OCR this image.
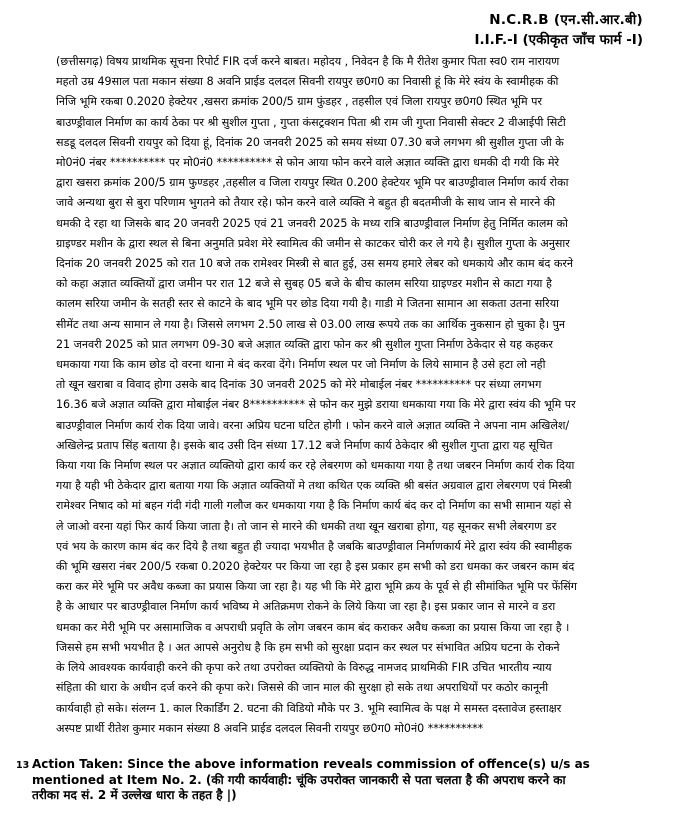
N.C.R.B (एन.सी.आर.बी)
I.I.F.-I (एकीकृत जाँच फार्म -I)
(छत्तीसगढ़) विषय प्राथमिक सूचना रिपोर्ट FIR दर्ज करने बाबत। महोदय , निवेदन है कि मै रीतेश कुमार पिता स्व0 राम नारायण
महतो उम्र 49साल पता मकान संख्या 8 अवनि प्राईड दलदल सिवनी रायपुर छ0ग0 का निवासी हूं कि मेरे स्वंय के स्वामीहक की
निजि भूमि रकबा 0.2020 हेक्टेयर ,खसरा क्रमांक 200/5 ग्राम फुंडहर , तहसील एवं जिला रायपुर छ0ग0 स्थित भूमि पर
बाउण्ड्रीवाल निर्माण का कार्य ठेका पर श्री सुशील गुप्ता , गुप्ता कंसट्रक्शन पिता श्री राम जी गुप्ता निवासी सेक्टर 2 वीआईपी सिटी
सडडू दलदल सिवनी रायपुर को दिया हूं, दिनांक 20 जनवरी 2025 को समय संध्या 07.30 बजे लगभग श्री सुशील गुप्ता जी के
मो0नं0 नंबर ********** पर मो0नं0 ********** से फोन आया फोन करने वाले अज्ञात व्यक्ति द्वारा धमकी दी गयी कि मेरे
द्वारा खसरा क्रमांक 200/5 ग्राम फुण्डहर ,तहसील व जिला रायपुर स्थित 0.200 हेक्टेयर भूमि पर बाउण्ड्रीवाल निर्माण कार्य रोका
जावे अन्यथा बुरा से बुरा परिणाम भुगतने को तैयार रहे। फोन करने वाले व्यक्ति ने बहुत ही बदतमीजी के साथ जान से मारने की
धमकी दे रहा था जिसके बाद 20 जनवरी 2025 एवं 21 जनवरी 2025 के मध्य रात्रि बाउण्ड्रीवाल निर्माण हेतु निर्मित कालम को
ग्राइण्डर मशीन के द्वारा स्थल से बिना अनुमति प्रवेश मेरे स्वामित्व की जमीन से काटकर चोरी कर ले गये है। सुशील गुप्ता के अनुसार
दिनांक 20 जनवरी 2025 को रात 10 बजे तक रामेश्वर मिस्त्री से बात हुई, उस समय हमारे लेबर को धमकाये और काम बंद करने
को कहा अज्ञात व्यक्तियों द्वारा जमीन पर रात 12 बजे से सुबह 05 बजे के बीच कालम सरिया ग्राइण्डर मशीन से काटा गया है
कालम सरिया जमीन के सतही स्तर से काटने के बाद भूमि पर छोड दिया गयी है। गाडी मे जितना सामान आ सकता उतना सरिया
सीमेंट तथा अन्य सामान ले गया है। जिससे लगभग 2.50 लाख से 03.00 लाख रूपये तक का आर्थिक नुकसान हो चुका है। पुन
21 जनवरी 2025 को प्रात लगभग 09-30 बजे अज्ञात व्यक्ति द्वारा फोन कर श्री सुशील गुप्ता निर्माण ठेकेदार से यह कहकर
धमकाया गया कि काम छोड दो वरना थाना मे बंद करवा देंगे। निर्माण स्थल पर जो निर्माण के लिये सामान है उसे हटा लो नही
तो खून खराबा व विवाद होगा उसके बाद दिनांक 30 जनवरी 2025 को मेरे मोबाईल नंबर ********** पर संध्या लगभग
16.36 बजे अज्ञात व्यक्ति द्वारा मोबाईल नंबर 8********** से फोन कर मुझे डराया धमकाया गया कि मेरे द्वारा स्वंय की भूमि पर
बाउण्ड्रीवाल निर्माण कार्य रोक दिया जावे। वरना अप्रिय घटना घटित होगी । फोन करने वाले अज्ञात व्यक्ति ने अपना नाम अखिलेश/
अखिलेन्द्र प्रताप सिंह बताया है। इसके बाद उसी दिन संध्या 17.12 बजे निर्माण कार्य ठेकेदार श्री सुशील गुप्ता द्वारा यह सूचित
किया गया कि निर्माण स्थल पर अज्ञात व्यक्तियो द्वारा कार्य कर रहे लेबरगण को धमकाया गया है तथा जबरन निर्माण कार्य रोक दिया
गया है यही भी ठेकेदार द्वारा बताया गया कि अज्ञात व्यक्तियों मे तथा कथित एक व्यक्ति श्री बसंत अग्रवाल द्वारा लेबरगण एवं मिस्त्री
रामेश्वर निषाद को मां बहन गंदी गंदी गाली गलौज कर धमकाया गया है कि निर्माण कार्य बंद कर दो निर्माण का सभी सामान यहां से
ले जाओ वरना यहां फिर कार्य किया जाता है। तो जान से मारने की धमकी तथा खून खराबा होगा, यह सूनकर सभी लेबरगण डर
एवं भय के कारण काम बंद कर दिये है तथा बहुत ही ज्यादा भयभीत है जबकि बाउण्ड्रीवाल निर्माणकार्य मेरे द्वारा स्वंय की स्वामीहक
की भूमि खसरा नंबर 200/5 रकबा 0.2020 हेक्टेयर पर किया जा रहा है इस प्रकार हम सभी को डरा धमका कर जबरन काम बंद
करा कर मेरे भूमि पर अवैध कब्जा का प्रयास किया जा रहा है। यह भी कि मेरे द्वारा भूमि क्रय के पूर्व से ही सीमांकित भूमि पर फेंसिंग
है के आधार पर बाउण्ड्रीवाल निर्माण कार्य भविष्य मे अतिक्रमण रोकने के लिये किया जा रहा है। इस प्रकार जान से मारने व डरा
धमका कर मेरी भूमि पर असामाजिक व अपराधी प्रवृति के लोग जबरन काम बंद कराकर अवैध कब्जा का प्रयास किया जा रहा है ।
जिससे हम सभी भयभीत है । अत आपसे अनुरोध है कि हम सभी को सुरक्षा प्रदान कर स्थल पर संभावित अप्रिय घटना के रोकने
के लिये आवश्यक कार्यवाही करने की कृपा करे तथा उपरोक्त व्यक्तियो के विरुद्ध नामजद प्राथमिकी FIR उचित भारतीय न्याय
संहिता की धारा के अधीन दर्ज करने की कृपा करे। जिससे की जान माल की सुरक्षा हो सके तथा अपराधियों पर कठोर कानूनी
कार्यवाही हो सके। संलग्न 1. काल रिकार्डिंग 2. घटना की विडियो मौके पर 3. भूमि स्वामित्व के पक्ष मे समस्त दस्तावेज हस्ताक्षर
अस्पष्ट प्रार्थी रीतेश कुमार मकान संख्या 8 अवनि प्राईड दलदल सिवनी रायपुर छ0ग0 मो0नं0 **********
13 Action Taken: Since the above information reveals commission of offence(s) u/s as
mentioned at Item No. 2. (की गयी कार्यवाही: चूंकि उपरोक्त जानकारी से पता चलता है की अपराध करने का
तरीका मद सं. 2 में उल्लेख धारा के तहत है |)
